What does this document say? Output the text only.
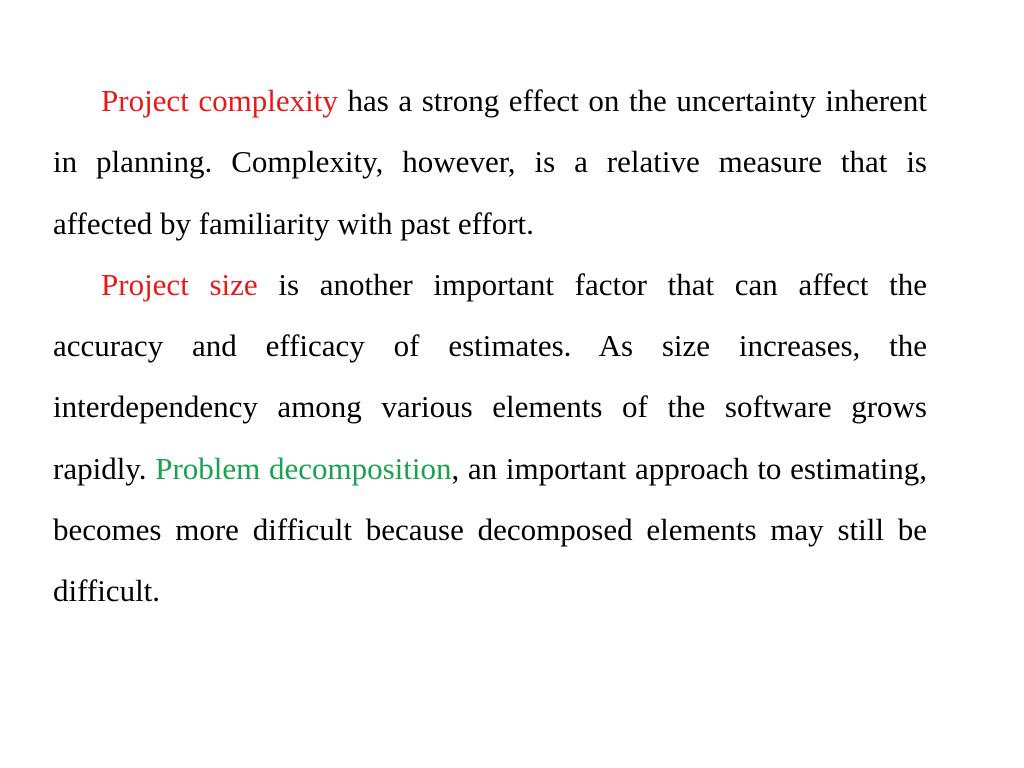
Project complexity has a strong effect on the uncertainty inherent in planning. Complexity, however, is a relative measure that is affected by familiarity with past effort.

Project size is another important factor that can affect the accuracy and efficacy of estimates. As size increases, the interdependency among various elements of the software grows rapidly. Problem decomposition, an important approach to estimating, becomes more difficult because decomposed elements may still be difficult.
